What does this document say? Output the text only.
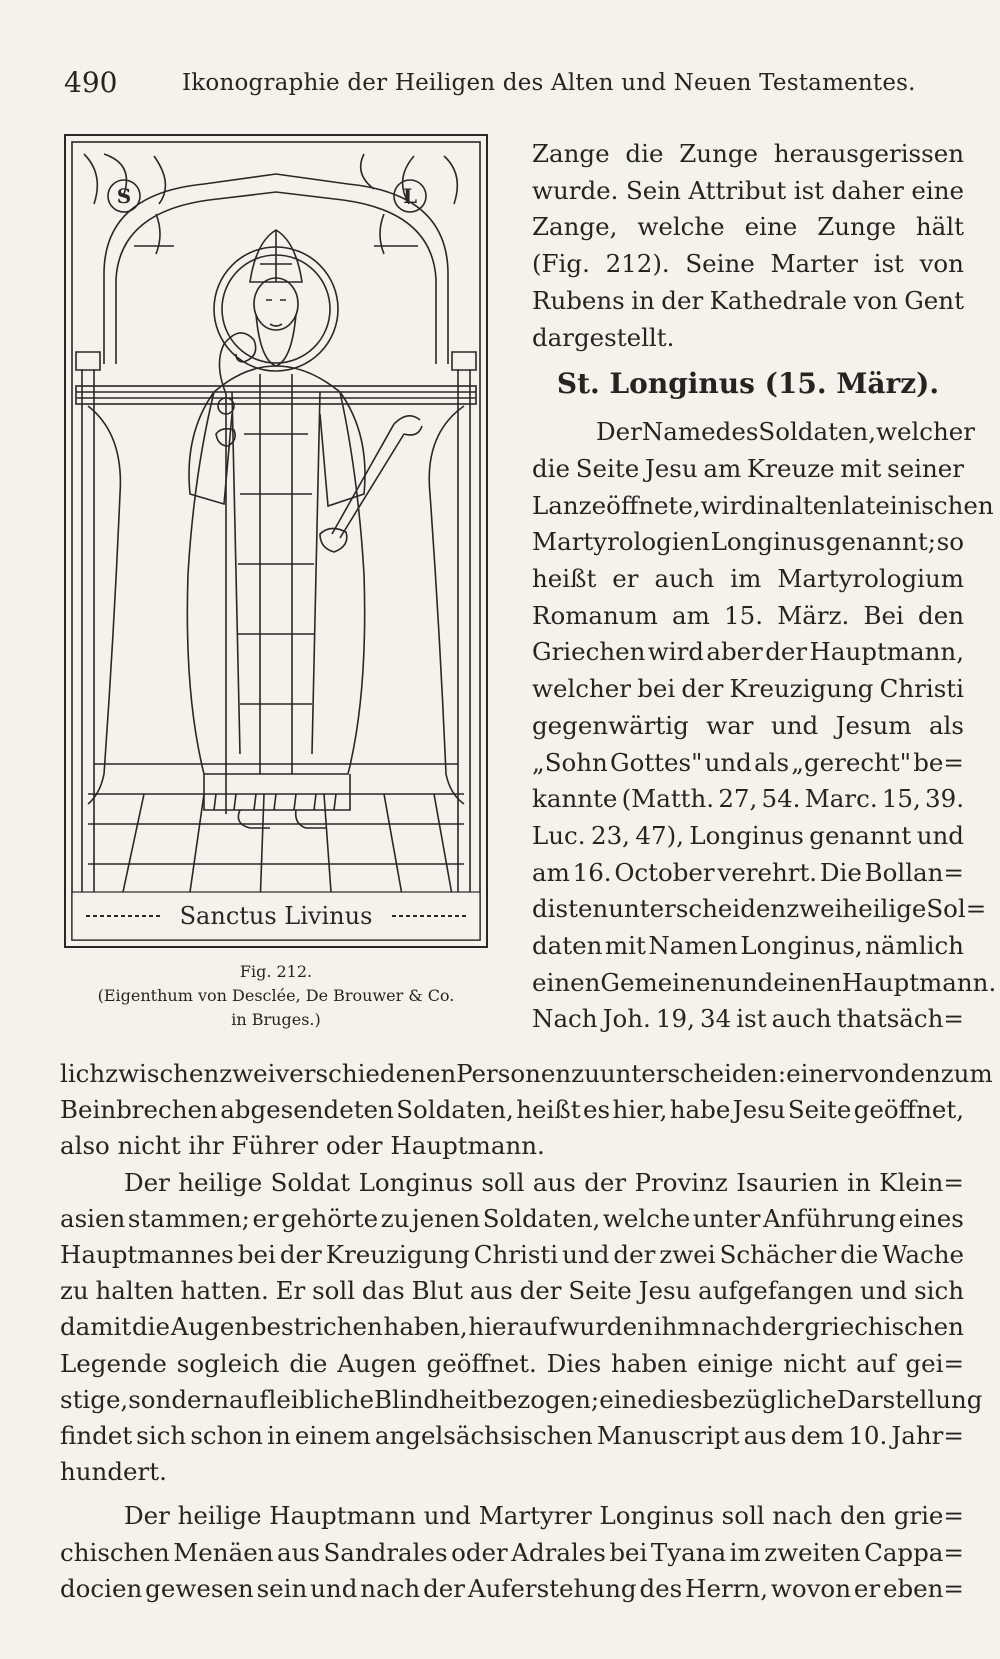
490	Ikonographie der Heiligen des Alten und Neuen Testamentes.
S	L
Sanctus Livinus
Fig. 212.
(Eigenthum von Desclée, De Brouwer & Co.
in Bruges.)
Zange die Zunge herausgerissen
wurde. Sein Attribut ist daher eine
Zange, welche eine Zunge hält
(Fig. 212). Seine Marter ist von
Rubens in der Kathedrale von Gent
dargestellt.
St. Longinus (15. März).
Der Name des Soldaten, welcher
die Seite Jesu am Kreuze mit seiner
Lanze öffnete, wird in alten lateinischen
Martyrologien Longinus genannt; so
heißt er auch im Martyrologium
Romanum am 15. März. Bei den
Griechen wird aber der Hauptmann,
welcher bei der Kreuzigung Christi
gegenwärtig war und Jesum als
„Sohn Gottes" und als „gerecht" be=
kannte (Matth. 27, 54. Marc. 15, 39.
Luc. 23, 47), Longinus genannt und
am 16. October verehrt. Die Bollan=
disten unterscheiden zwei heilige Sol=
daten mit Namen Longinus, nämlich
einen Gemeinen und einen Hauptmann.
Nach Joh. 19, 34 ist auch thatsäch=
lich zwischen zwei verschiedenen Personen zu unterscheiden: einer von den zum
Beinbrechen abgesendeten Soldaten, heißt es hier, habe Jesu Seite geöffnet,
also nicht ihr Führer oder Hauptmann.
Der heilige Soldat Longinus soll aus der Provinz Isaurien in Klein=
asien stammen; er gehörte zu jenen Soldaten, welche unter Anführung eines
Hauptmannes bei der Kreuzigung Christi und der zwei Schächer die Wache
zu halten hatten. Er soll das Blut aus der Seite Jesu aufgefangen und sich
damit die Augen bestrichen haben, hierauf wurden ihm nach der griechischen
Legende sogleich die Augen geöffnet. Dies haben einige nicht auf gei=
stige, sondern auf leibliche Blindheit bezogen; eine diesbezügliche Darstellung
findet sich schon in einem angelsächsischen Manuscript aus dem 10. Jahr=
hundert.
Der heilige Hauptmann und Martyrer Longinus soll nach den grie=
chischen Menäen aus Sandrales oder Adrales bei Tyana im zweiten Cappa=
docien gewesen sein und nach der Auferstehung des Herrn, wovon er eben=
